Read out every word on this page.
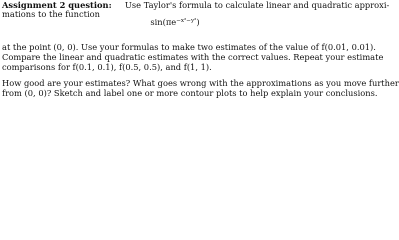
Assignment 2 question: Use Taylor's formula to calculate linear and quadratic approxi-
mations to the function
$\sin(\pi e^{-x^2-y^2})$
at the point (0, 0). Use your formulas to make two estimates of the value of f(0.01, 0.01).
Compare the linear and quadratic estimates with the correct values. Repeat your estimate
comparisons for f(0.1, 0.1), f(0.5, 0.5), and f(1, 1).
How good are your estimates? What goes wrong with the approximations as you move further
from (0, 0)? Sketch and label one or more contour plots to help explain your conclusions.
